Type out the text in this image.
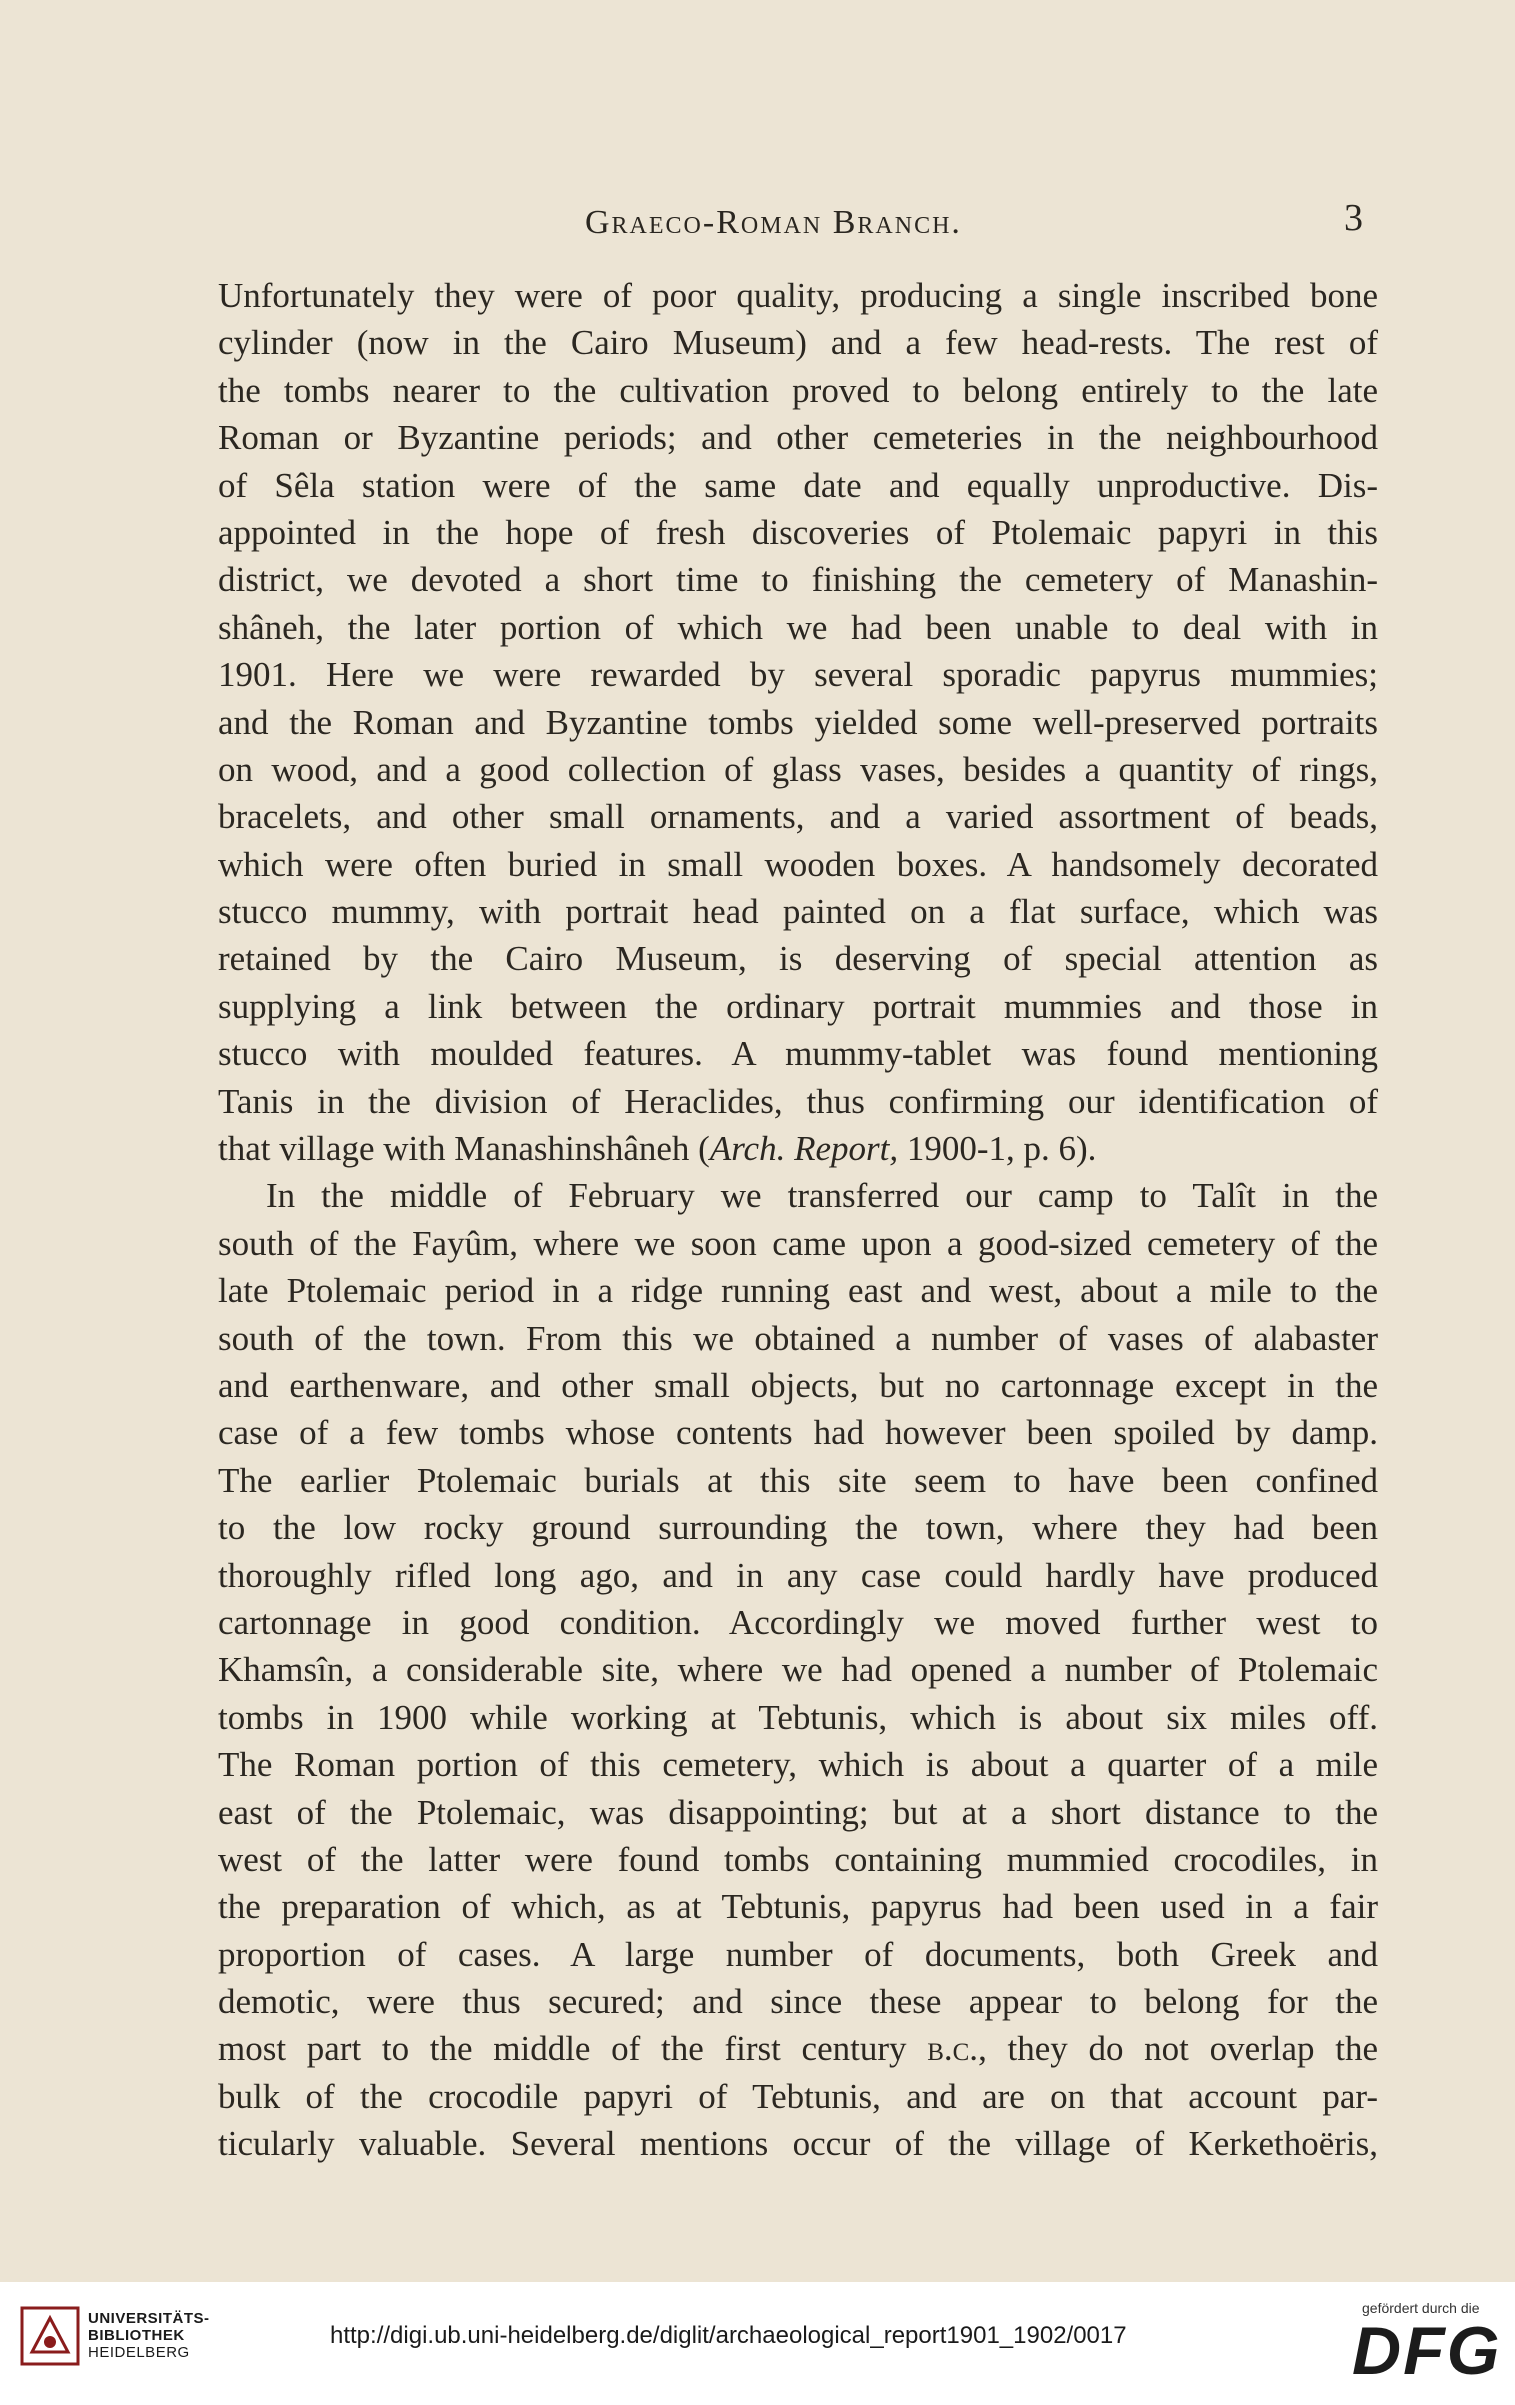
Graeco-Roman Branch.	3
Unfortunately they were of poor quality, producing a single inscribed bone
cylinder (now in the Cairo Museum) and a few head-rests. The rest of
the tombs nearer to the cultivation proved to belong entirely to the late
Roman or Byzantine periods; and other cemeteries in the neighbourhood
of Sêla station were of the same date and equally unproductive. Dis-
appointed in the hope of fresh discoveries of Ptolemaic papyri in this
district, we devoted a short time to finishing the cemetery of Manashin-
shâneh, the later portion of which we had been unable to deal with in
1901. Here we were rewarded by several sporadic papyrus mummies;
and the Roman and Byzantine tombs yielded some well-preserved portraits
on wood, and a good collection of glass vases, besides a quantity of rings,
bracelets, and other small ornaments, and a varied assortment of beads,
which were often buried in small wooden boxes. A handsomely decorated
stucco mummy, with portrait head painted on a flat surface, which was
retained by the Cairo Museum, is deserving of special attention as
supplying a link between the ordinary portrait mummies and those in
stucco with moulded features. A mummy-tablet was found mentioning
Tanis in the division of Heraclides, thus confirming our identification of
that village with Manashinshâneh (Arch. Report, 1900-1, p. 6).
In the middle of February we transferred our camp to Talît in the
south of the Fayûm, where we soon came upon a good-sized cemetery of the
late Ptolemaic period in a ridge running east and west, about a mile to the
south of the town. From this we obtained a number of vases of alabaster
and earthenware, and other small objects, but no cartonnage except in the
case of a few tombs whose contents had however been spoiled by damp.
The earlier Ptolemaic burials at this site seem to have been confined
to the low rocky ground surrounding the town, where they had been
thoroughly rifled long ago, and in any case could hardly have produced
cartonnage in good condition. Accordingly we moved further west to
Khamsîn, a considerable site, where we had opened a number of Ptolemaic
tombs in 1900 while working at Tebtunis, which is about six miles off.
The Roman portion of this cemetery, which is about a quarter of a mile
east of the Ptolemaic, was disappointing; but at a short distance to the
west of the latter were found tombs containing mummied crocodiles, in
the preparation of which, as at Tebtunis, papyrus had been used in a fair
proportion of cases. A large number of documents, both Greek and
demotic, were thus secured; and since these appear to belong for the
most part to the middle of the first century b.c., they do not overlap the
bulk of the crocodile papyri of Tebtunis, and are on that account par-
ticularly valuable. Several mentions occur of the village of Kerkethoëris,
UNIVERSITÄTS-
BIBLIOTHEK
HEIDELBERG
http://digi.ub.uni-heidelberg.de/diglit/archaeological_report1901_1902/0017
gefördert durch die
DFG
